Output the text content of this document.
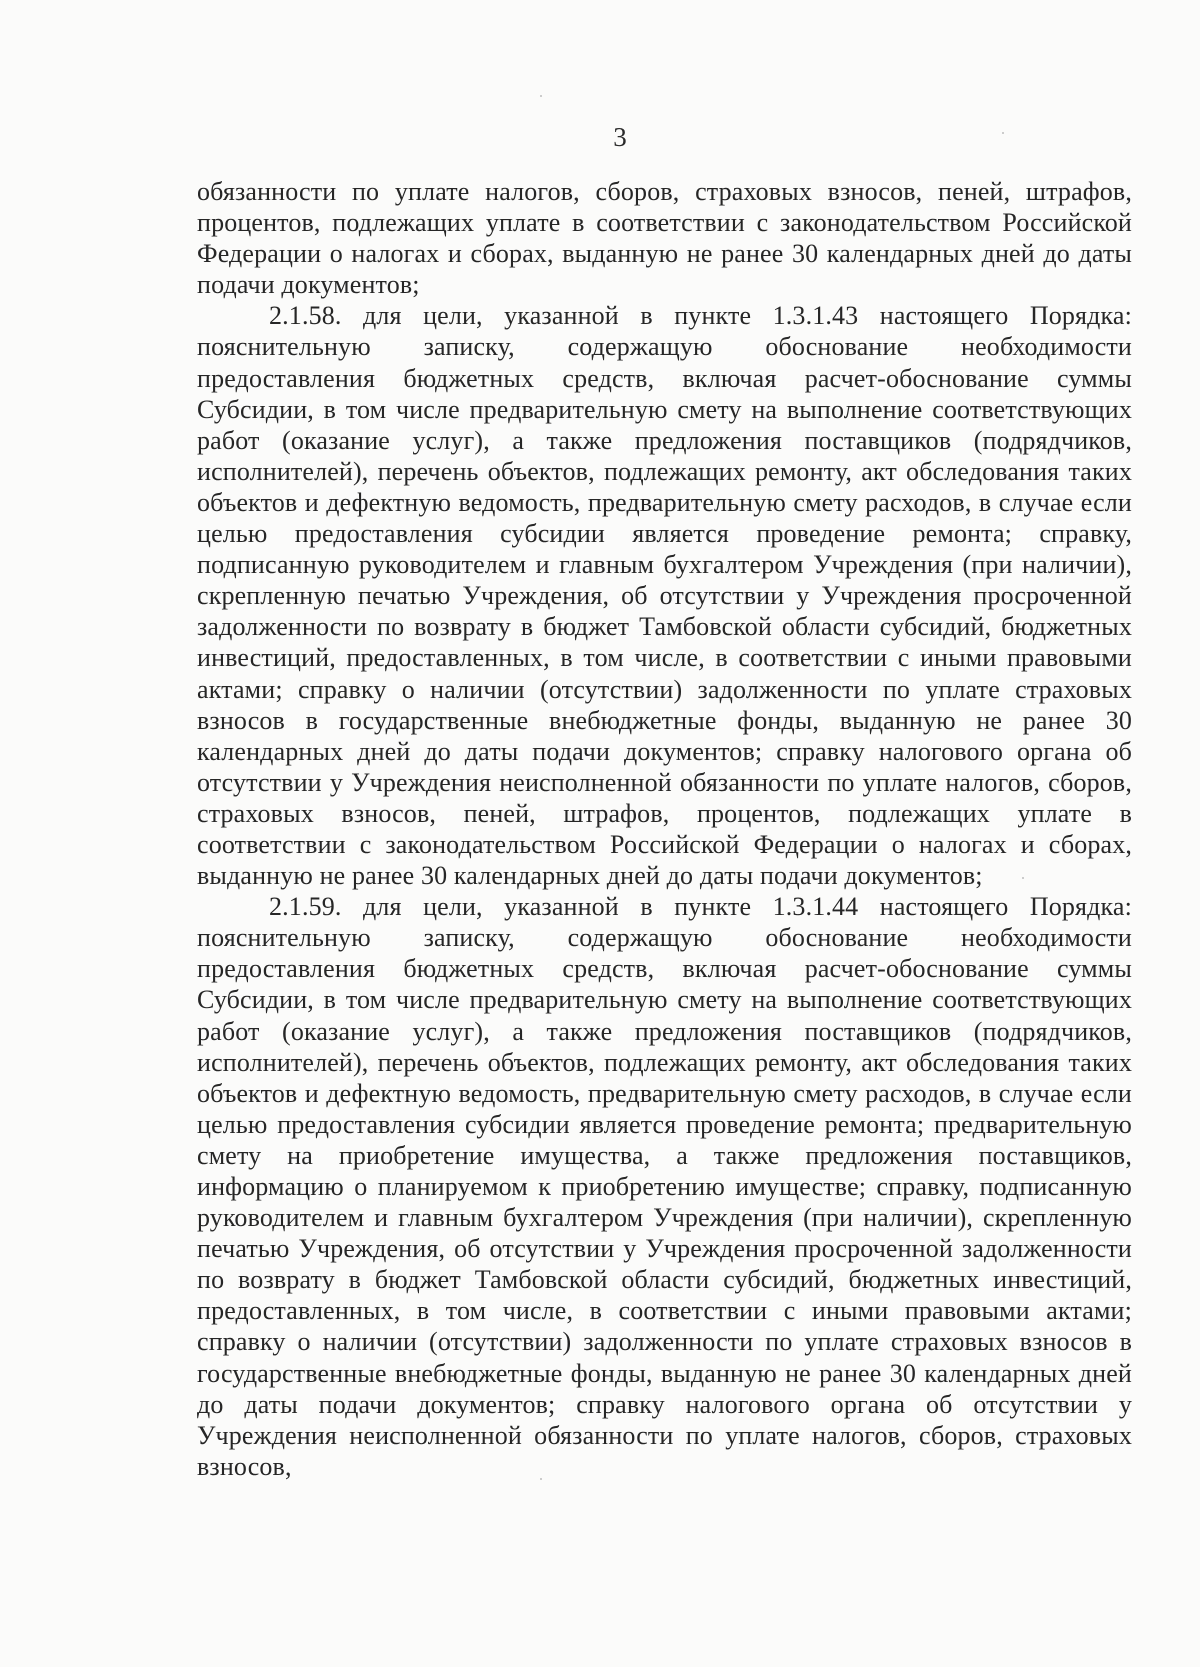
3

обязанности по уплате налогов, сборов, страховых взносов, пеней, штрафов, процентов, подлежащих уплате в соответствии с законодательством Российской Федерации о налогах и сборах, выданную не ранее 30 календарных дней до даты подачи документов;

2.1.58. для цели, указанной в пункте 1.3.1.43 настоящего Порядка: пояснительную записку, содержащую обоснование необходимости предоставления бюджетных средств, включая расчет-обоснование суммы Субсидии, в том числе предварительную смету на выполнение соответствующих работ (оказание услуг), а также предложения поставщиков (подрядчиков, исполнителей), перечень объектов, подлежащих ремонту, акт обследования таких объектов и дефектную ведомость, предварительную смету расходов, в случае если целью предоставления субсидии является проведение ремонта; справку, подписанную руководителем и главным бухгалтером Учреждения (при наличии), скрепленную печатью Учреждения, об отсутствии у Учреждения просроченной задолженности по возврату в бюджет Тамбовской области субсидий, бюджетных инвестиций, предоставленных, в том числе, в соответствии с иными правовыми актами; справку о наличии (отсутствии) задолженности по уплате страховых взносов в государственные внебюджетные фонды, выданную не ранее 30 календарных дней до даты подачи документов; справку налогового органа об отсутствии у Учреждения неисполненной обязанности по уплате налогов, сборов, страховых взносов, пеней, штрафов, процентов, подлежащих уплате в соответствии с законодательством Российской Федерации о налогах и сборах, выданную не ранее 30 календарных дней до даты подачи документов;

2.1.59. для цели, указанной в пункте 1.3.1.44 настоящего Порядка: пояснительную записку, содержащую обоснование необходимости предоставления бюджетных средств, включая расчет-обоснование суммы Субсидии, в том числе предварительную смету на выполнение соответствующих работ (оказание услуг), а также предложения поставщиков (подрядчиков, исполнителей), перечень объектов, подлежащих ремонту, акт обследования таких объектов и дефектную ведомость, предварительную смету расходов, в случае если целью предоставления субсидии является проведение ремонта; предварительную смету на приобретение имущества, а также предложения поставщиков, информацию о планируемом к приобретению имуществе; справку, подписанную руководителем и главным бухгалтером Учреждения (при наличии), скрепленную печатью Учреждения, об отсутствии у Учреждения просроченной задолженности по возврату в бюджет Тамбовской области субсидий, бюджетных инвестиций, предоставленных, в том числе, в соответствии с иными правовыми актами; справку о наличии (отсутствии) задолженности по уплате страховых взносов в государственные внебюджетные фонды, выданную не ранее 30 календарных дней до даты подачи документов; справку налогового органа об отсутствии у Учреждения неисполненной обязанности по уплате налогов, сборов, страховых взносов,
